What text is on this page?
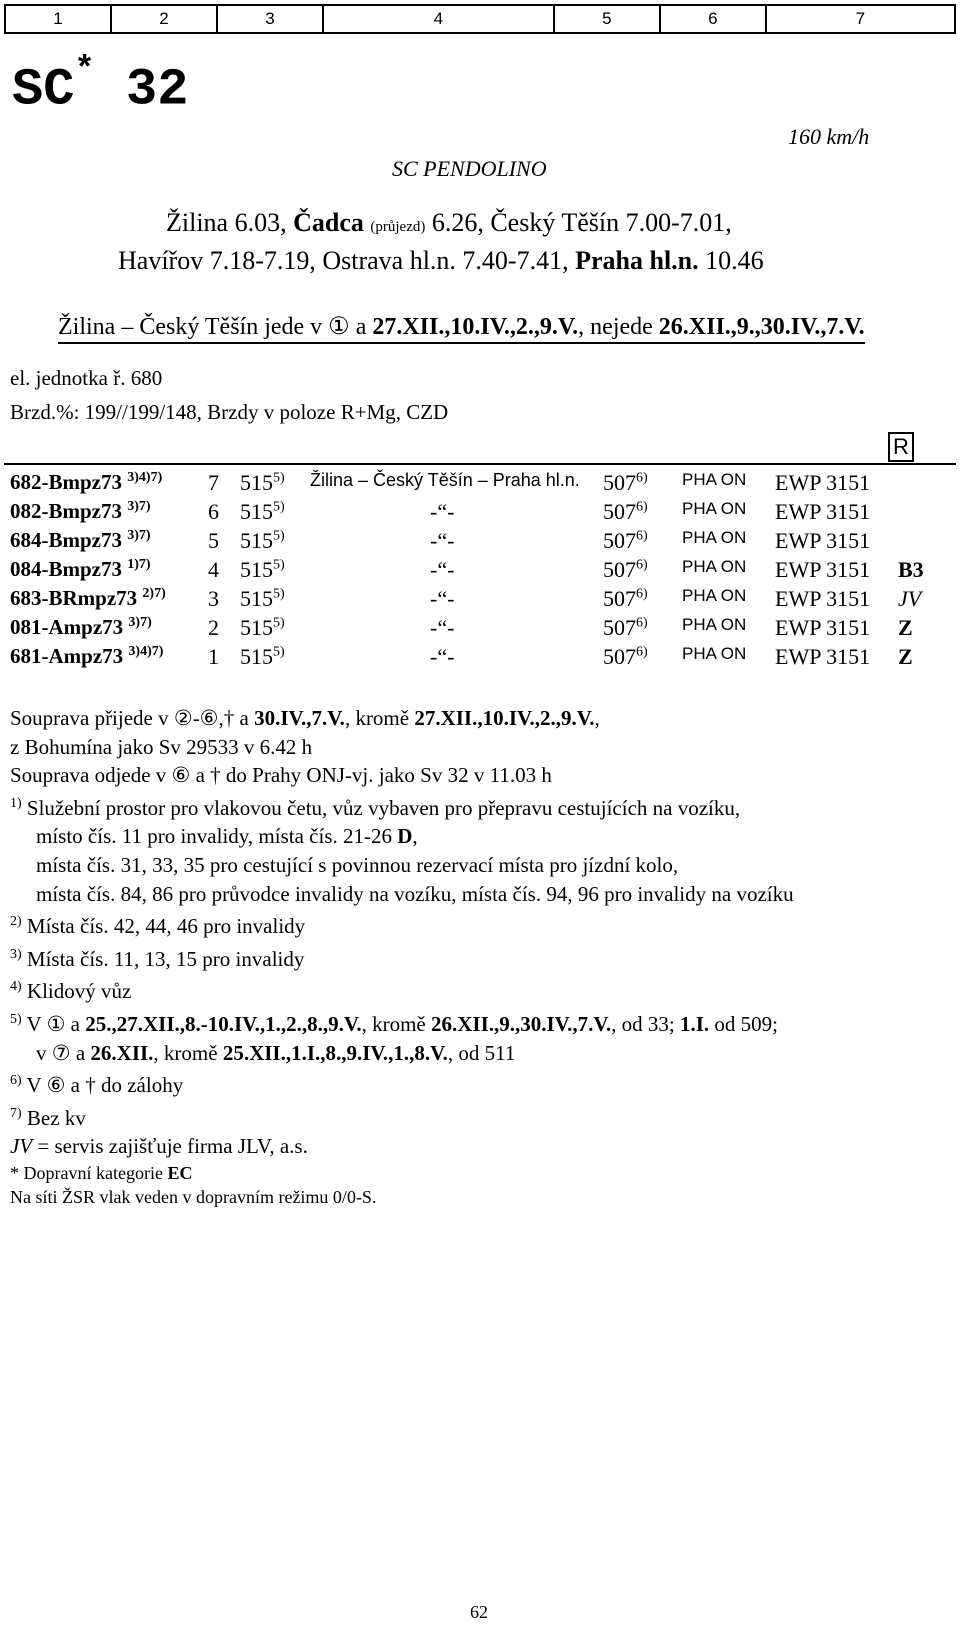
1	2	3	4	5	6	7
SC* 32
160 km/h
SC PENDOLINO
Žilina 6.03, Čadca (průjezd) 6.26, Český Těšín 7.00-7.01,
Havířov 7.18-7.19, Ostrava hl.n. 7.40-7.41, Praha hl.n. 10.46
Žilina – Český Těšín jede v ① a 27.XII.,10.IV.,2.,9.V., nejede 26.XII.,9.,30.IV.,7.V.
el. jednotka ř. 680
Brzd.%: 199//199/148, Brzdy v poloze R+Mg, CZD
R
682-Bmpz73 $^{3)4)7)}$ 7 515$^{5)}$ Žilina – Český Těšín – Praha hl.n. 507$^{6)}$ PHA ON EWP 3151
082-Bmpz73 $^{3)7)}$	6 515$^{5)}$	-“-	507$^{6)}$ PHA ON EWP 3151
684-Bmpz73 $^{3)7)}$	5 515$^{5)}$	-“-	507$^{6)}$ PHA ON EWP 3151
084-Bmpz73 $^{1)7)}$	4 515$^{5)}$	-“-	507$^{6)}$ PHA ON EWP 3151 B3
683-BRmpz73 $^{2)7)}$ 3 515$^{5)}$	-“-	507$^{6)}$ PHA ON EWP 3151 JV
081-Ampz73 $^{3)7)}$	2 515$^{5)}$	-“-	507$^{6)}$ PHA ON EWP 3151 Z
681-Ampz73 $^{3)4)7)}$ 1 515$^{5)}$	-“-	507$^{6)}$ PHA ON EWP 3151 Z
Souprava přijede v ②-⑥,† a 30.IV.,7.V., kromě 27.XII.,10.IV.,2.,9.V.,
z Bohumína jako Sv 29533 v 6.42 h
Souprava odjede v ⑥ a † do Prahy ONJ-vj. jako Sv 32 v 11.03 h
$^{1)}$ Služební prostor pro vlakovou četu, vůz vybaven pro přepravu cestujících na vozíku,
místo čís. 11 pro invalidy, místa čís. 21-26 D,
místa čís. 31, 33, 35 pro cestující s povinnou rezervací místa pro jízdní kolo,
místa čís. 84, 86 pro průvodce invalidy na vozíku, místa čís. 94, 96 pro invalidy na vozíku
$^{2)}$ Místa čís. 42, 44, 46 pro invalidy
$^{3)}$ Místa čís. 11, 13, 15 pro invalidy
$^{4)}$ Klidový vůz
$^{5)}$ V ① a 25.,27.XII.,8.-10.IV.,1.,2.,8.,9.V., kromě 26.XII.,9.,30.IV.,7.V., od 33; 1.I. od 509;
v ⑦ a 26.XII., kromě 25.XII.,1.I.,8.,9.IV.,1.,8.V., od 511
$^{6)}$ V ⑥ a † do zálohy
$^{7)}$ Bez kv
JV = servis zajišťuje firma JLV, a.s.
* Dopravní kategorie EC
Na síti ŽSR vlak veden v dopravním režimu 0/0-S.
62
